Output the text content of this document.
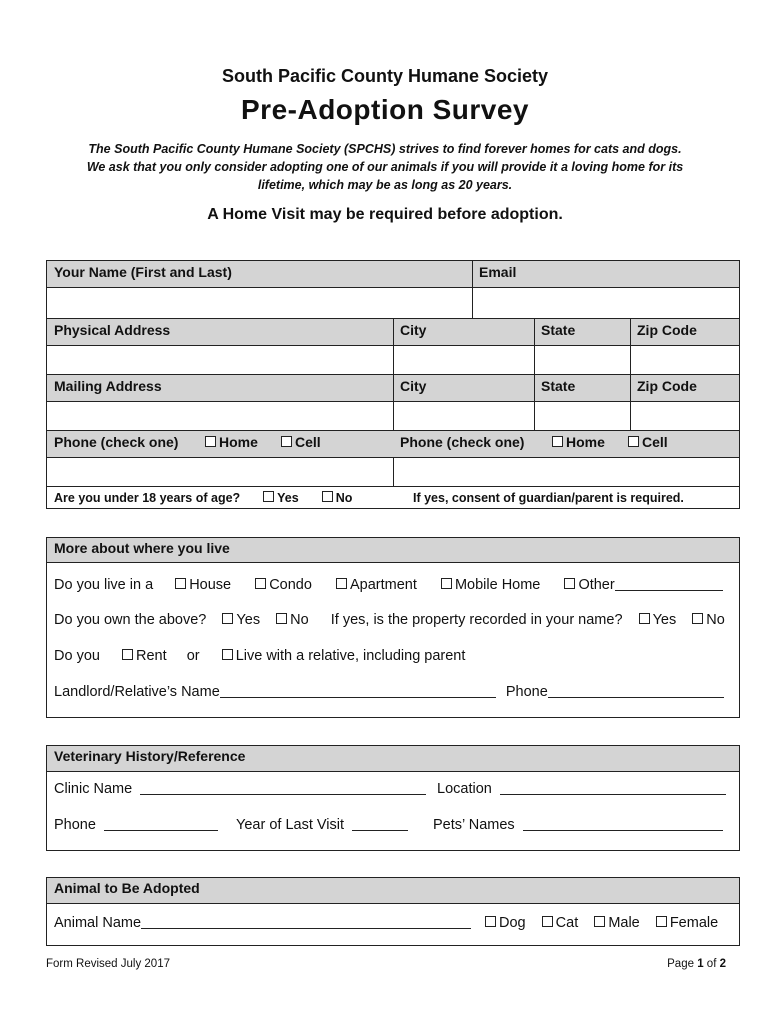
South Pacific County Humane Society
Pre-Adoption Survey
The South Pacific County Humane Society (SPCHS) strives to find forever homes for cats and dogs.
We ask that you only consider adopting one of our animals if you will provide it a loving home for its
lifetime, which may be as long as 20 years.
A Home Visit may be required before adoption.
Your Name (First and Last)	Email
Physical Address	City	State	Zip Code
Mailing Address	City	State	Zip Code
Phone (check one)	Home	Cell	Phone (check one)	Home	Cell
Are you under 18 years of age?	Yes	No	If yes, consent of guardian/parent is required.
More about where you live
Do you live in a House	Condo	Apartment	Mobile Home	Other
Do you own the above? Yes No If yes, is the property recorded in your name? Yes No
Do you Rent or Live with a relative, including parent
Landlord/Relative’s Name	Phone
Veterinary History/Reference
Clinic Name	Location
Phone	Year of Last Visit	Pets’ Names
Animal to Be Adopted
Animal Name	Dog Cat Male Female
Form Revised July 2017	Page 1 of 2
